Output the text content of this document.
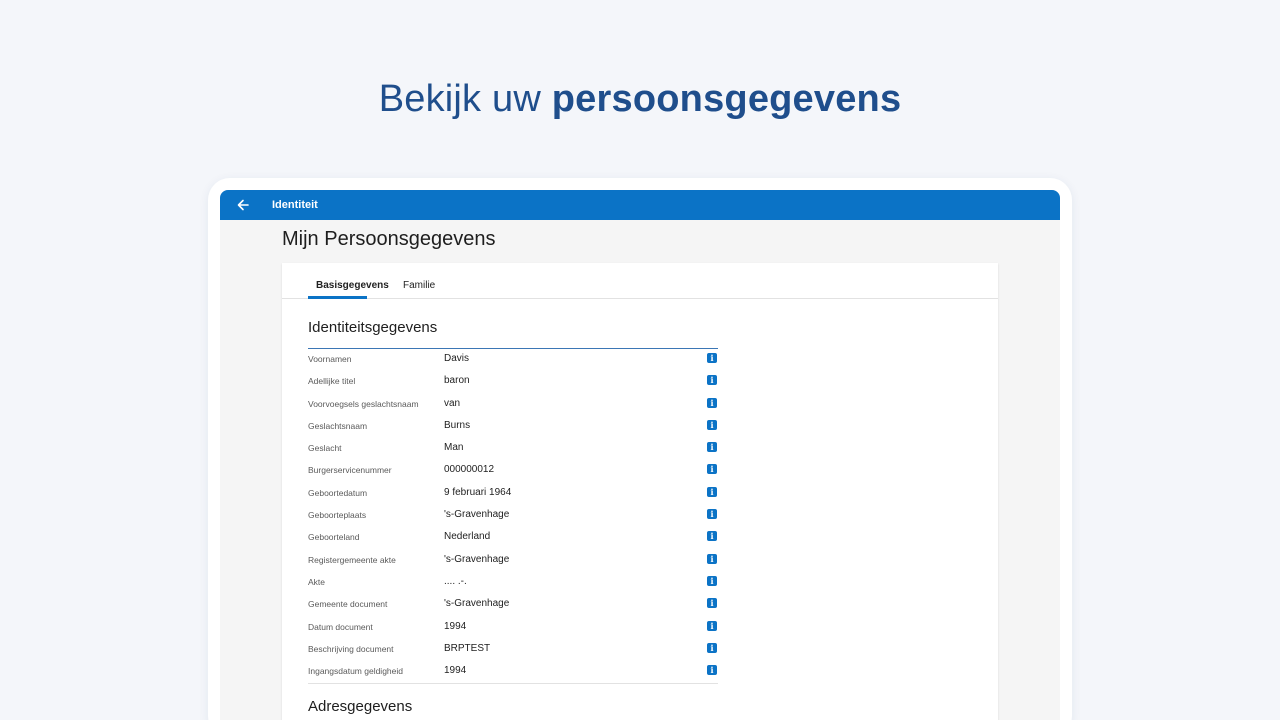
Bekijk uw persoonsgegevens
Identiteit
Mijn Persoonsgegevens
Basisgegevens Familie
Identiteitsgegevens
Voornamen	Davis	i
Adellijke titel	baron	i
Voorvoegsels geslachtsnaam	van	i
Geslachtsnaam	Burns	i
Geslacht	Man	i
Burgerservicenummer	000000012	i
Geboortedatum	9 februari 1964	i
Geboorteplaats	's-Gravenhage	i
Geboorteland	Nederland	i
Registergemeente akte	's-Gravenhage	i
Akte	.... .-.	i
Gemeente document	's-Gravenhage	i
Datum document	1994	i
Beschrijving document	BRPTEST	i
Ingangsdatum geldigheid	1994	i
Adresgegevens
